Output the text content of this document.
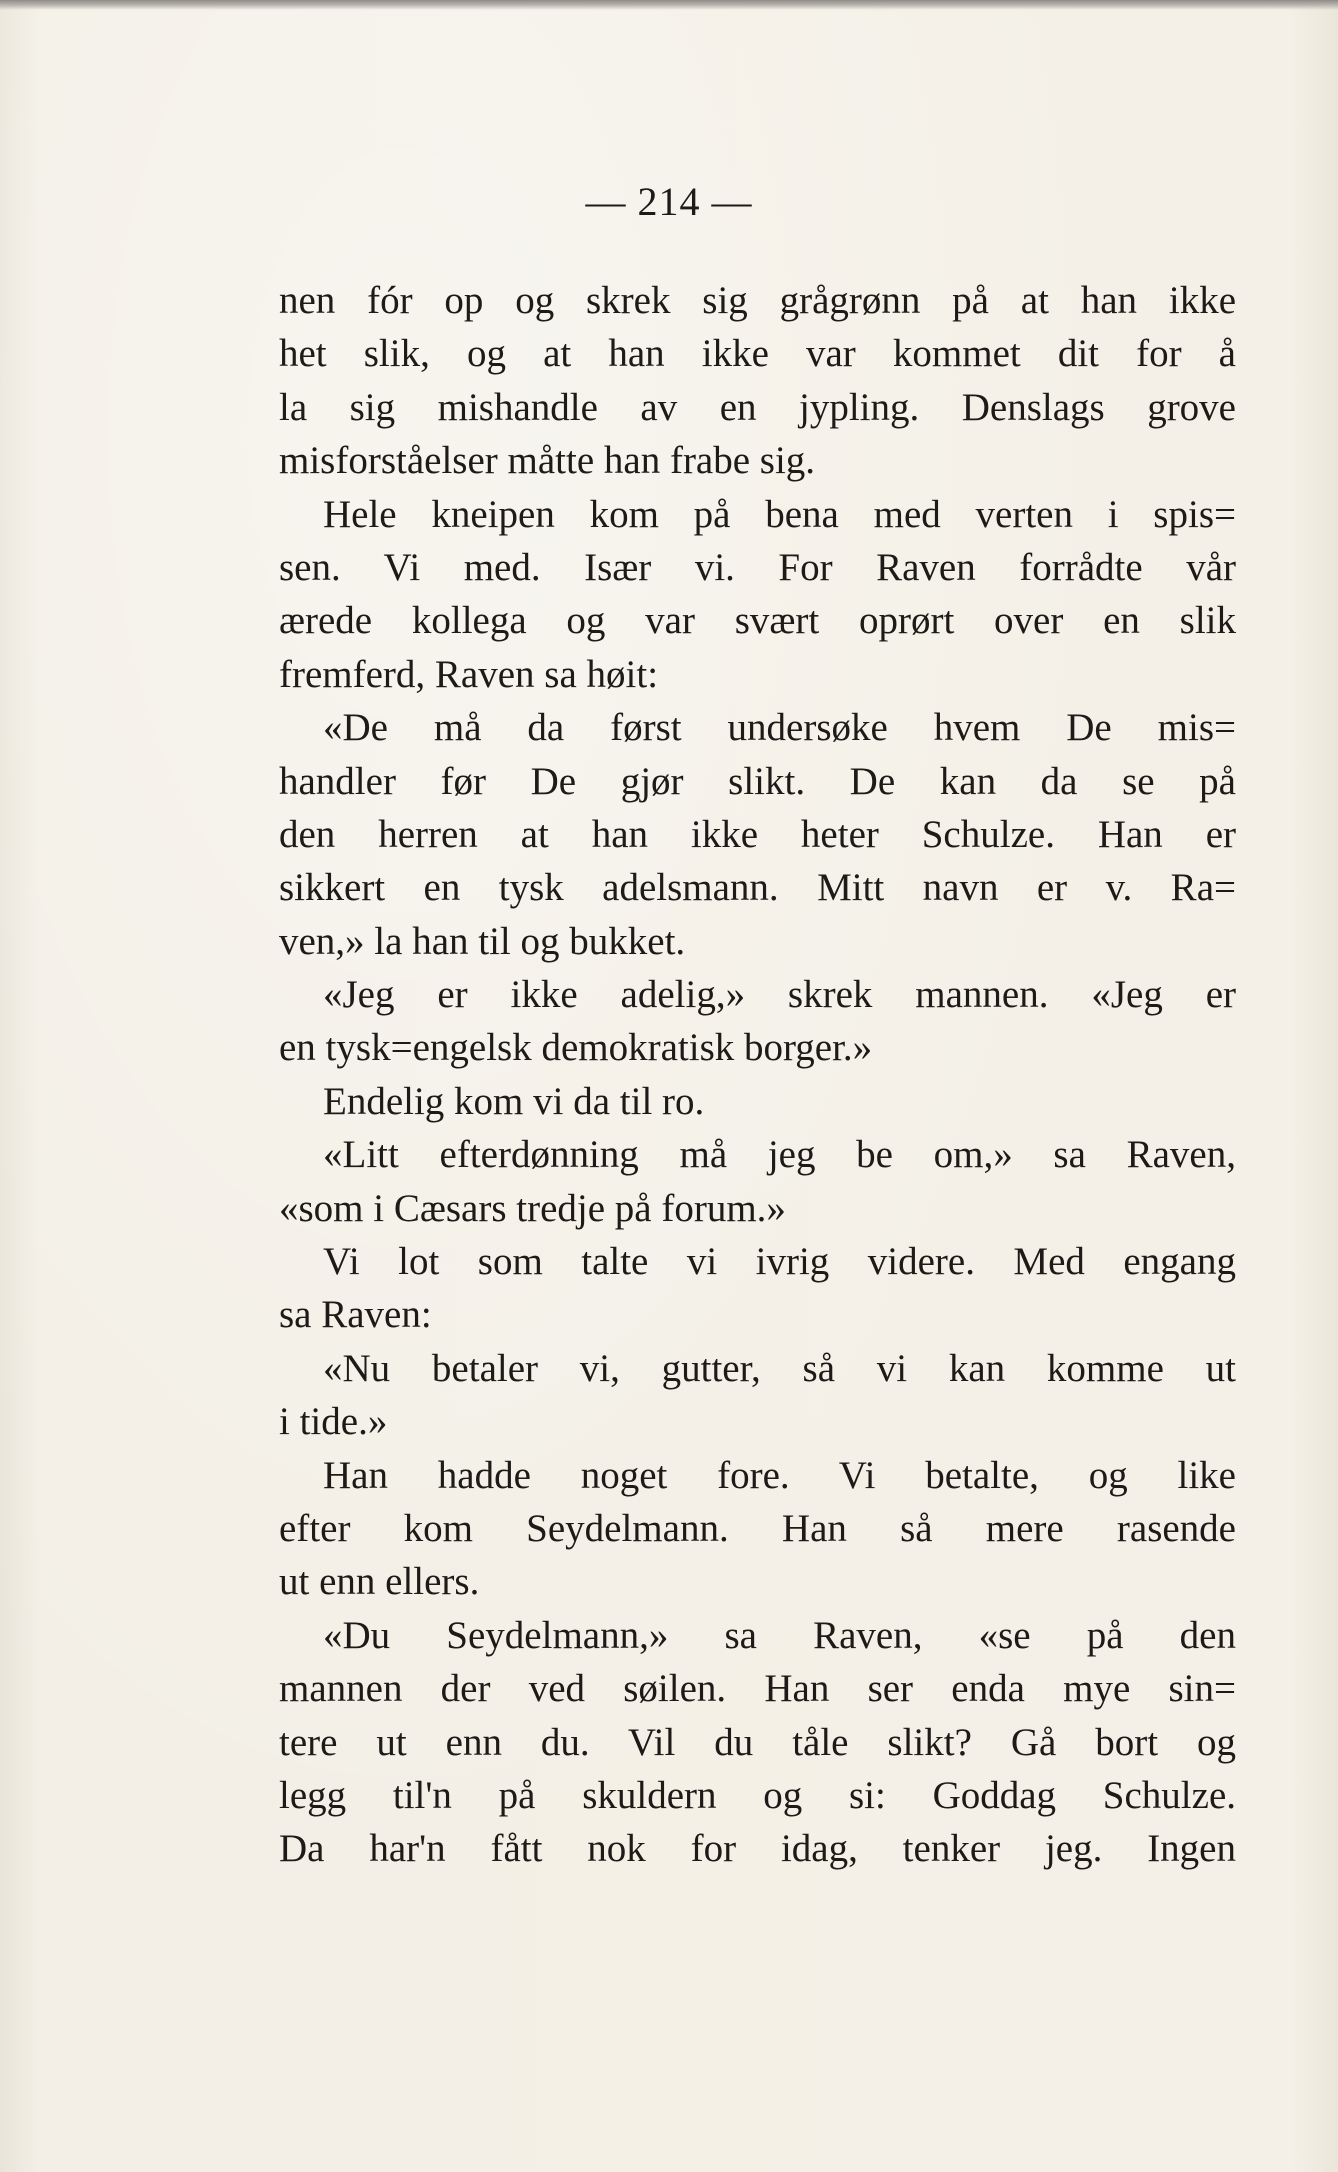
— 214 —
nen fór op og skrek sig grågrønn på at han ikke
het slik, og at han ikke var kommet dit for å
la sig mishandle av en jypling. Denslags grove
misforståelser måtte han frabe sig.
Hele kneipen kom på bena med verten i spis=
sen. Vi med. Især vi. For Raven forrådte vår
ærede kollega og var svært oprørt over en slik
fremferd, Raven sa høit:
«De må da først undersøke hvem De mis=
handler før De gjør slikt. De kan da se på
den herren at han ikke heter Schulze. Han er
sikkert en tysk adelsmann. Mitt navn er v. Ra=
ven,» la han til og bukket.
«Jeg er ikke adelig,» skrek mannen. «Jeg er
en tysk=engelsk demokratisk borger.»
Endelig kom vi da til ro.
«Litt efterdønning må jeg be om,» sa Raven,
«som i Cæsars tredje på forum.»
Vi lot som talte vi ivrig videre. Med engang
sa Raven:
«Nu betaler vi, gutter, så vi kan komme ut
i tide.»
Han hadde noget fore. Vi betalte, og like
efter kom Seydelmann. Han så mere rasende
ut enn ellers.
«Du Seydelmann,» sa Raven, «se på den
mannen der ved søilen. Han ser enda mye sin=
tere ut enn du. Vil du tåle slikt? Gå bort og
legg til'n på skuldern og si: Goddag Schulze.
Da har'n fått nok for idag, tenker jeg. Ingen
